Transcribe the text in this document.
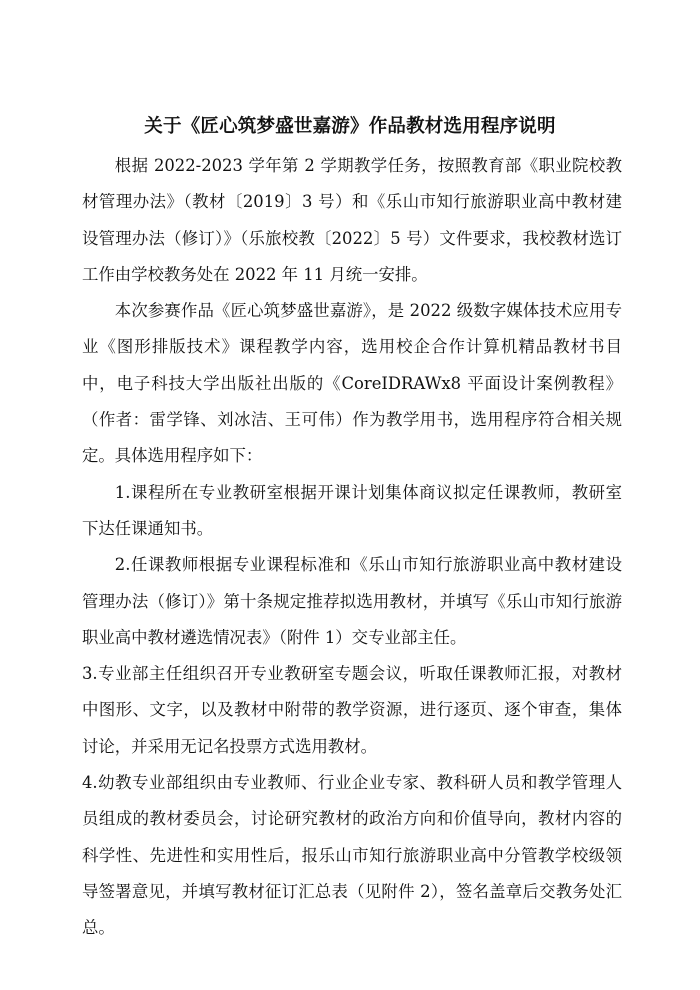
关于《匠心筑梦盛世嘉游》作品教材选用程序说明

根据 2022-2023 学年第 2 学期教学任务，按照教育部《职业院校教材管理办法》（教材〔2019〕3 号）和《乐山市知行旅游职业高中教材建设管理办法（修订）》（乐旅校教〔2022〕5 号）文件要求，我校教材选订工作由学校教务处在 2022 年 11 月统一安排。

本次参赛作品《匠心筑梦盛世嘉游》，是 2022 级数字媒体技术应用专业《图形排版技术》课程教学内容，选用校企合作计算机精品教材书目中，电子科技大学出版社出版的《CoreIDRAWx8 平面设计案例教程》（作者：雷学锋、刘冰洁、王可伟）作为教学用书，选用程序符合相关规定。具体选用程序如下：

1.课程所在专业教研室根据开课计划集体商议拟定任课教师，教研室下达任课通知书。

2.任课教师根据专业课程标准和《乐山市知行旅游职业高中教材建设管理办法（修订）》第十条规定推荐拟选用教材，并填写《乐山市知行旅游职业高中教材遴选情况表》（附件 1）交专业部主任。

3.专业部主任组织召开专业教研室专题会议，听取任课教师汇报，对教材中图形、文字，以及教材中附带的教学资源，进行逐页、逐个审查，集体讨论，并采用无记名投票方式选用教材。

4.幼教专业部组织由专业教师、行业企业专家、教科研人员和教学管理人员组成的教材委员会，讨论研究教材的政治方向和价值导向，教材内容的科学性、先进性和实用性后，报乐山市知行旅游职业高中分管教学校级领导签署意见，并填写教材征订汇总表（见附件 2），签名盖章后交教务处汇总。
